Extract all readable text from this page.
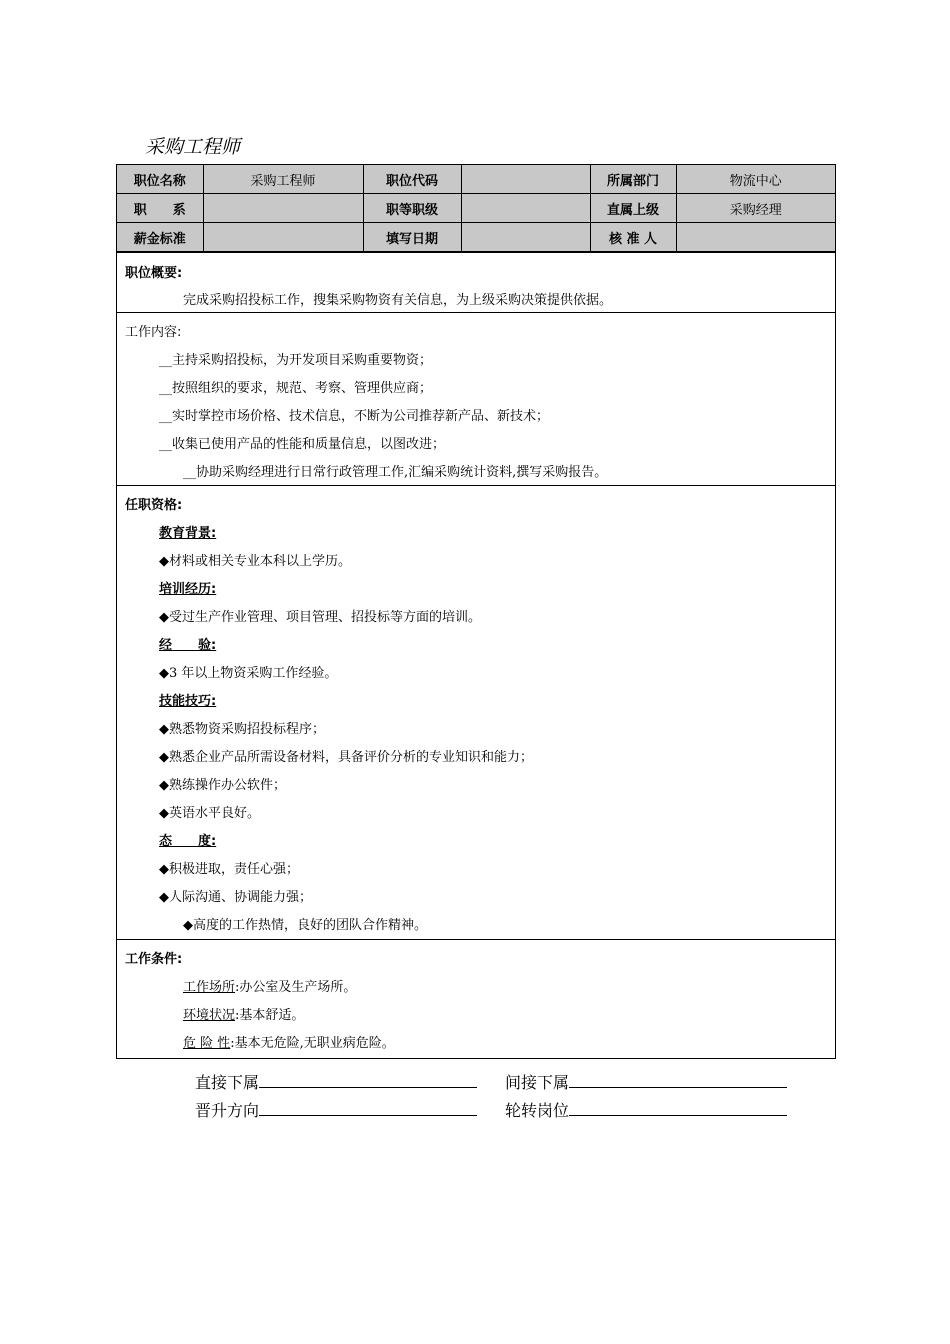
采购工程师
职位名称	采购工程师	职位代码		所属部门	物流中心
职　　系		职等职级		直属上级	采购经理
薪金标准		填写日期		核 准 人	
职位概要:
完成采购招投标工作，搜集采购物资有关信息，为上级采购决策提供依据。
工作内容:
__主持采购招投标，为开发项目采购重要物资；
__按照组织的要求，规范、考察、管理供应商；
__实时掌控市场价格、技术信息，不断为公司推荐新产品、新技术；
__收集已使用产品的性能和质量信息，以图改进；
__协助采购经理进行日常行政管理工作,汇编采购统计资料,撰写采购报告。
任职资格:
教育背景:
◆材料或相关专业本科以上学历。
培训经历:
◆受过生产作业管理、项目管理、招投标等方面的培训。
经　　验:
◆3 年以上物资采购工作经验。
技能技巧:
◆熟悉物资采购招投标程序；
◆熟悉企业产品所需设备材料，具备评价分析的专业知识和能力；
◆熟练操作办公软件；
◆英语水平良好。
态　　度:
◆积极进取，责任心强；
◆人际沟通、协调能力强；
◆高度的工作热情，良好的团队合作精神。
工作条件:
工作场所:办公室及生产场所。
环境状况:基本舒适。
危 险 性:基本无危险,无职业病危险。
直接下属	间接下属
晋升方向	轮转岗位
